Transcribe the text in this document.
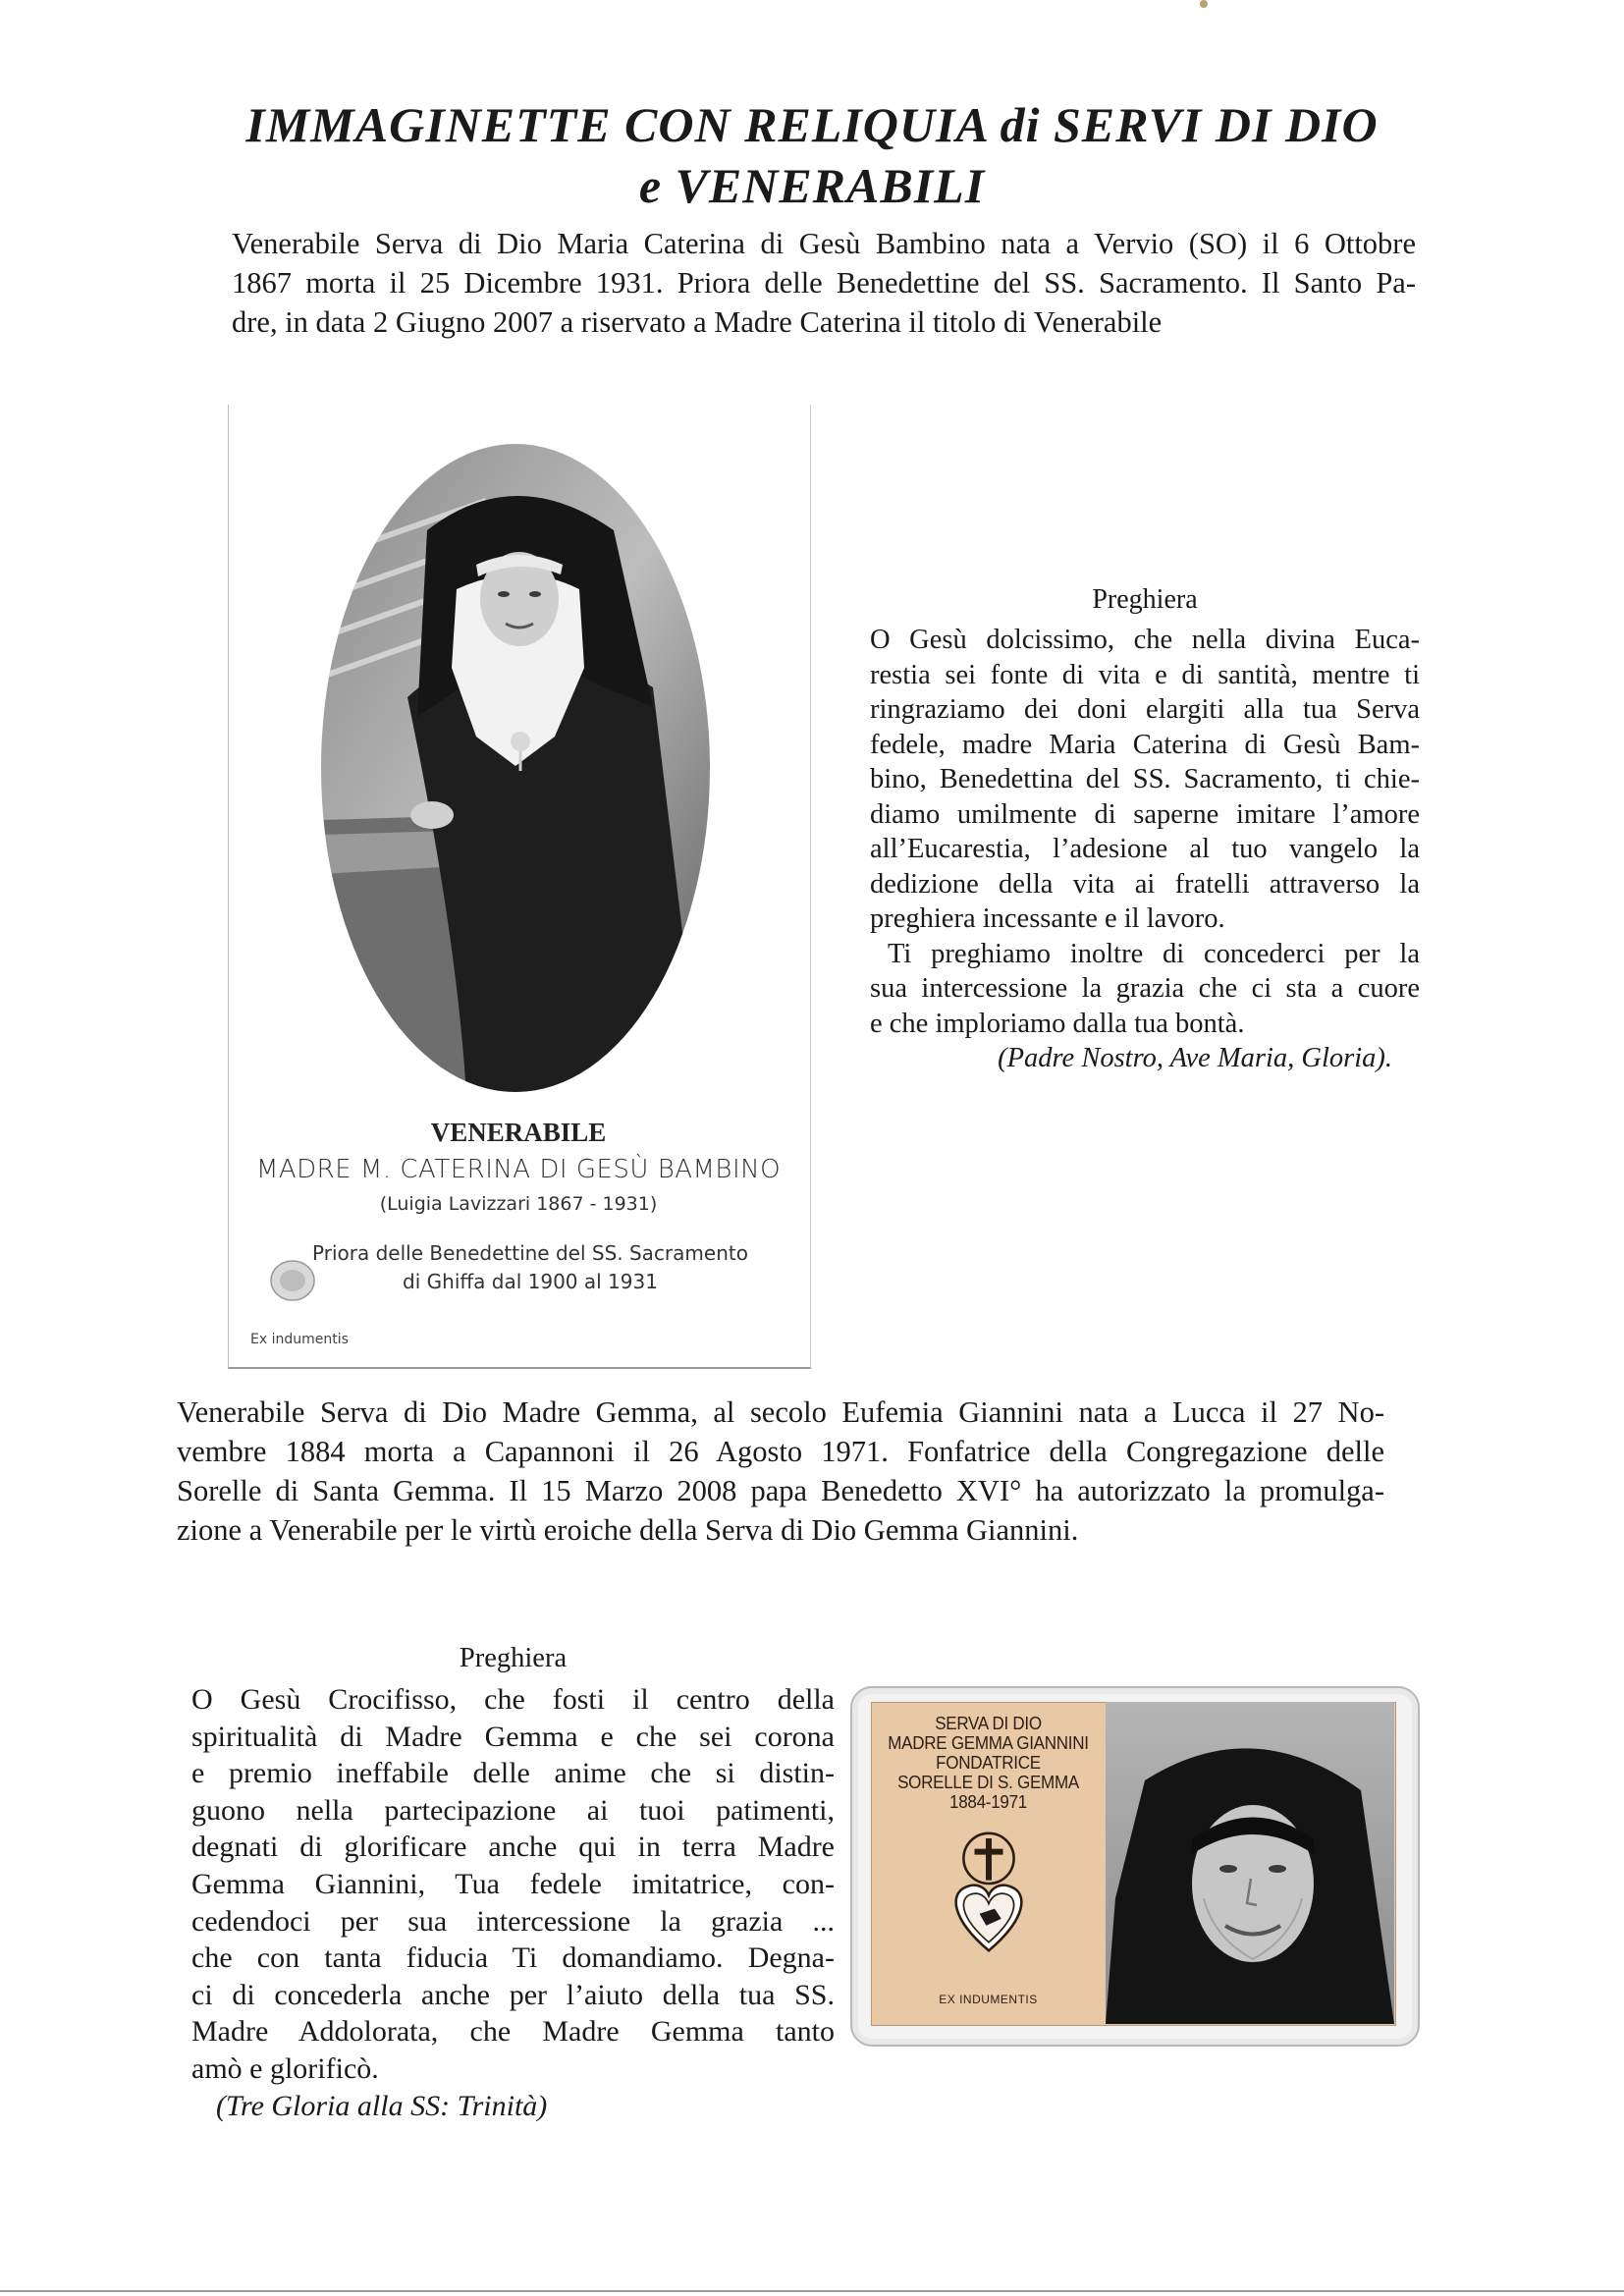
IMMAGINETTE CON RELIQUIA di SERVI DI DIO
e VENERABILI
Venerabile Serva di Dio Maria Caterina di Gesù Bambino nata a Vervio (SO) il 6 Ottobre
1867 morta il 25 Dicembre 1931. Priora delle Benedettine del SS. Sacramento. Il Santo Pa-
dre, in data 2 Giugno 2007 a riservato a Madre Caterina il titolo di Venerabile
VENERABILE
MADRE M. CATERINA DI GESÙ BAMBINO
(Luigia Lavizzari 1867 - 1931)
Priora delle Benedettine del SS. Sacramento
di Ghiffa dal 1900 al 1931
Ex indumentis
Preghiera
O Gesù dolcissimo, che nella divina Euca-
restia sei fonte di vita e di santità, mentre ti
ringraziamo dei doni elargiti alla tua Serva
fedele, madre Maria Caterina di Gesù Bam-
bino, Benedettina del SS. Sacramento, ti chie-
diamo umilmente di saperne imitare l’amore
all’Eucarestia, l’adesione al tuo vangelo la
dedizione della vita ai fratelli attraverso la
preghiera incessante e il lavoro.
Ti preghiamo inoltre di concederci per la
sua intercessione la grazia che ci sta a cuore
e che imploriamo dalla tua bontà.
(Padre Nostro, Ave Maria, Gloria).
Venerabile Serva di Dio Madre Gemma, al secolo Eufemia Giannini nata a Lucca il 27 No-
vembre 1884 morta a Capannoni il 26 Agosto 1971. Fonfatrice della Congregazione delle
Sorelle di Santa Gemma. Il 15 Marzo 2008 papa Benedetto XVI° ha autorizzato la promulga-
zione a Venerabile per le virtù eroiche della Serva di Dio Gemma Giannini.
Preghiera
O Gesù Crocifisso, che fosti il centro della
spiritualità di Madre Gemma e che sei corona
e premio ineffabile delle anime che si distin-
guono nella partecipazione ai tuoi patimenti,
degnati di glorificare anche qui in terra Madre
Gemma Giannini, Tua fedele imitatrice, con-
cedendoci per sua intercessione la grazia ...
che con tanta fiducia Ti domandiamo. Degna-
ci di concederla anche per l’aiuto della tua SS.
Madre Addolorata, che Madre Gemma tanto
amò e glorificò.
(Tre Gloria alla SS: Trinità)
SERVA DI DIO
MADRE GEMMA GIANNINI
FONDATRICE
SORELLE DI S. GEMMA
1884-1971
EX INDUMENTIS
